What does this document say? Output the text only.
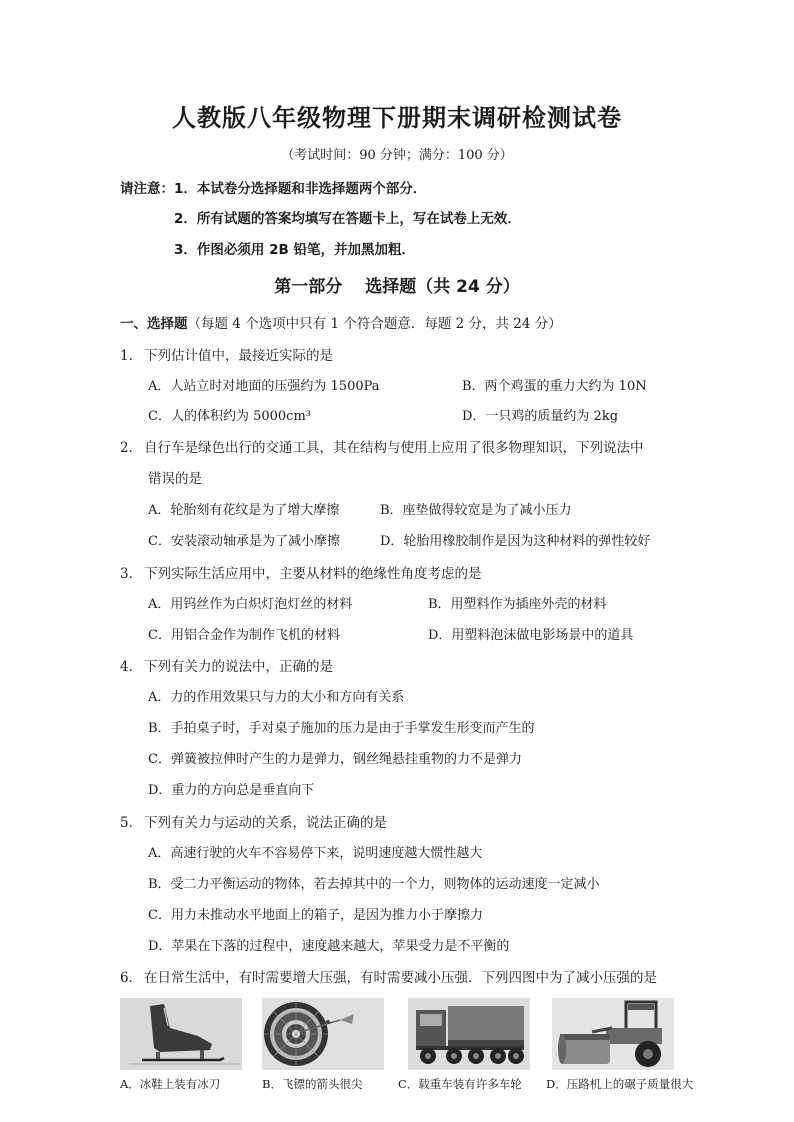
人教版八年级物理下册期末调研检测试卷
（考试时间：90 分钟；满分：100 分）
请注意： 1．本试卷分选择题和非选择题两个部分．
2．所有试题的答案均填写在答题卡上，写在试卷上无效．
3．作图必须用 2B 铅笔，并加黑加粗．
第一部分　 选择题（共 24 分）
一、选择题（每题 4 个选项中只有 1 个符合题意．每题 2 分，共 24 分）
1． 下列估计值中，最接近实际的是
A．人站立时对地面的压强约为 1500Pa	B．两个鸡蛋的重力大约为 10N
C．人的体积约为 5000cm³	D．一只鸡的质量约为 2kg
2． 自行车是绿色出行的交通工具，其在结构与使用上应用了很多物理知识，下列说法中
错误的是
A．轮胎刻有花纹是为了增大摩擦	B．座垫做得较宽是为了减小压力
C．安装滚动轴承是为了减小摩擦	D．轮胎用橡胶制作是因为这种材料的弹性较好
3． 下列实际生活应用中，主要从材料的绝缘性角度考虑的是
A．用钨丝作为白炽灯泡灯丝的材料	B．用塑料作为插座外壳的材料
C．用铝合金作为制作飞机的材料	D．用塑料泡沫做电影场景中的道具
4． 下列有关力的说法中，正确的是
A．力的作用效果只与力的大小和方向有关系
B．手拍桌子时，手对桌子施加的压力是由于手掌发生形变而产生的
C．弹簧被拉伸时产生的力是弹力，钢丝绳悬挂重物的力不是弹力
D．重力的方向总是垂直向下
5． 下列有关力与运动的关系，说法正确的是
A．高速行驶的火车不容易停下来，说明速度越大惯性越大
B．受二力平衡运动的物体，若去掉其中的一个力，则物体的运动速度一定减小
C．用力未推动水平地面上的箱子，是因为推力小于摩擦力
D．苹果在下落的过程中，速度越来越大，苹果受力是不平衡的
6． 在日常生活中，有时需要增大压强，有时需要减小压强．下列四图中为了减小压强的是
A．冰鞋上装有冰刀	B．飞镖的箭头很尖	C．载重车装有许多车轮 D．压路机上的碾子质量很大
